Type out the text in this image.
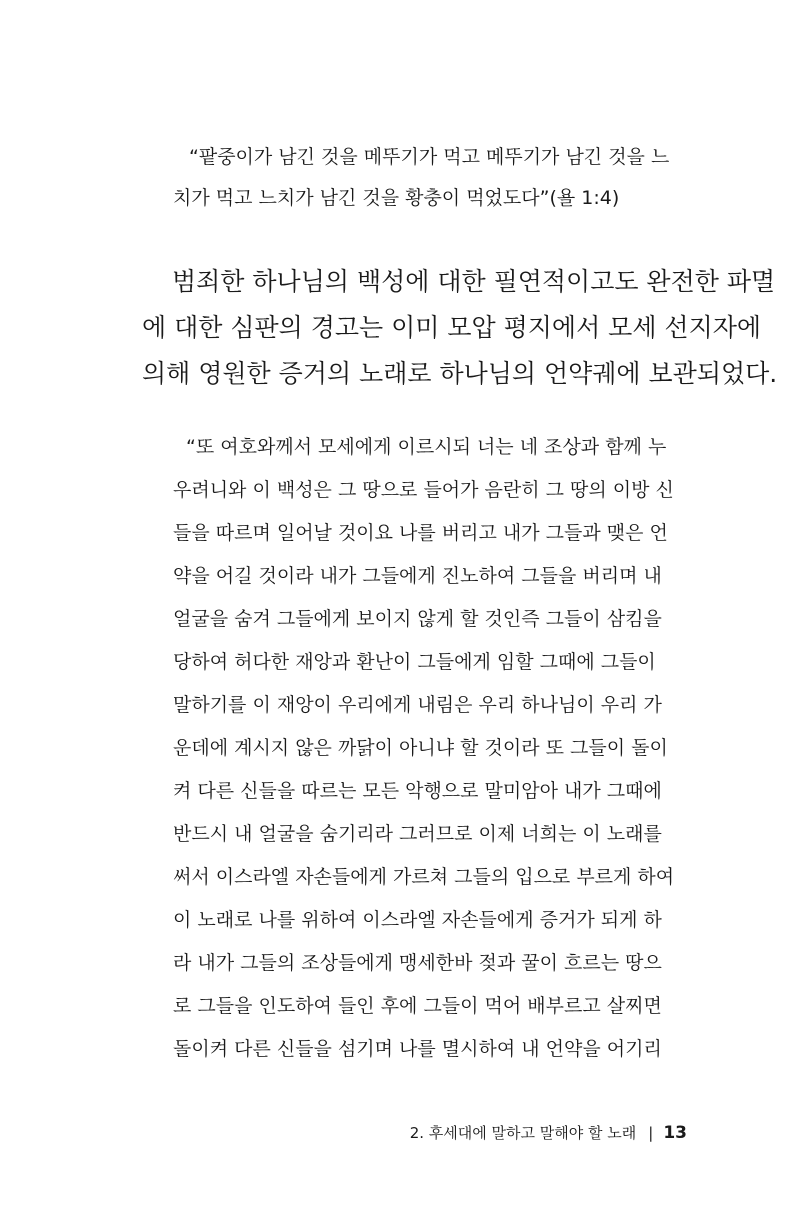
“팥중이가 남긴 것을 메뚜기가 먹고 메뚜기가 남긴 것을 느

치가 먹고 느치가 남긴 것을 황충이 먹었도다”(욜 1:4)

범죄한 하나님의 백성에 대한 필연적이고도 완전한 파멸

에 대한 심판의 경고는 이미 모압 평지에서 모세 선지자에

의해 영원한 증거의 노래로 하나님의 언약궤에 보관되었다.

“또 여호와께서 모세에게 이르시되 너는 네 조상과 함께 누

우려니와 이 백성은 그 땅으로 들어가 음란히 그 땅의 이방 신

들을 따르며 일어날 것이요 나를 버리고 내가 그들과 맺은 언

약을 어길 것이라 내가 그들에게 진노하여 그들을 버리며 내

얼굴을 숨겨 그들에게 보이지 않게 할 것인즉 그들이 삼킴을

당하여 허다한 재앙과 환난이 그들에게 임할 그때에 그들이

말하기를 이 재앙이 우리에게 내림은 우리 하나님이 우리 가

운데에 계시지 않은 까닭이 아니냐 할 것이라 또 그들이 돌이

켜 다른 신들을 따르는 모든 악행으로 말미암아 내가 그때에

반드시 내 얼굴을 숨기리라 그러므로 이제 너희는 이 노래를

써서 이스라엘 자손들에게 가르쳐 그들의 입으로 부르게 하여

이 노래로 나를 위하여 이스라엘 자손들에게 증거가 되게 하

라 내가 그들의 조상들에게 맹세한바 젖과 꿀이 흐르는 땅으

로 그들을 인도하여 들인 후에 그들이 먹어 배부르고 살찌면

돌이켜 다른 신들을 섬기며 나를 멸시하여 내 언약을 어기리

2. 후세대에 말하고 말해야 할 노래 | 13
